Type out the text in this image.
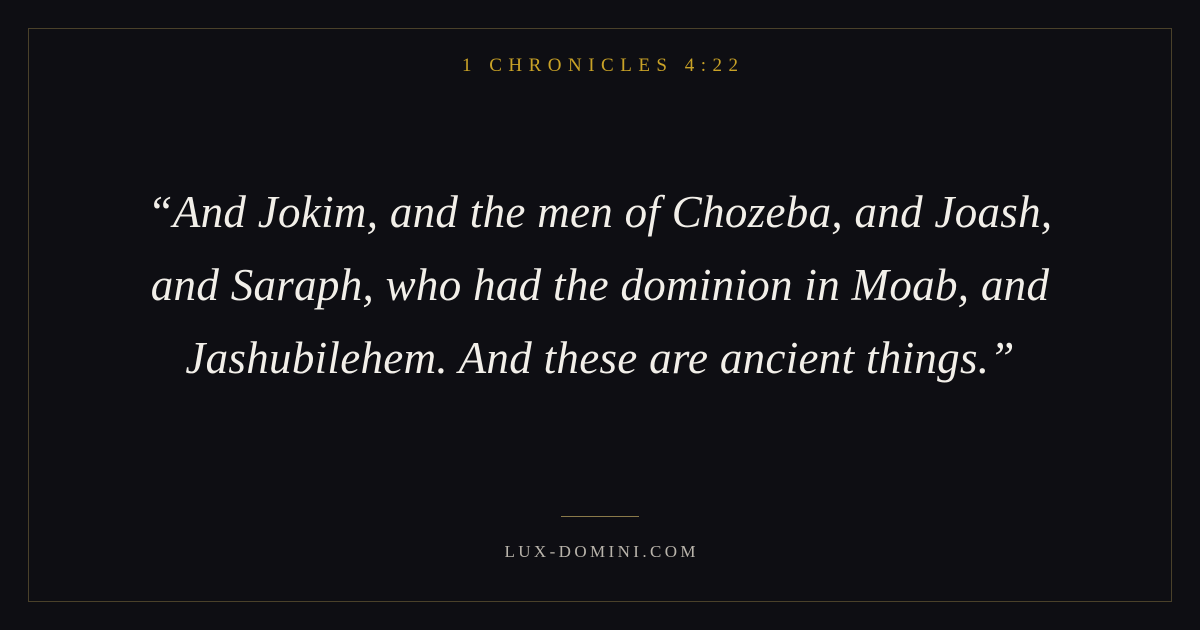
1 CHRONICLES 4:22
“And Jokim, and the men of Chozeba, and Joash, and Saraph, who had the dominion in Moab, and Jashubilehem. And these are ancient things.”
LUX-DOMINI.COM
